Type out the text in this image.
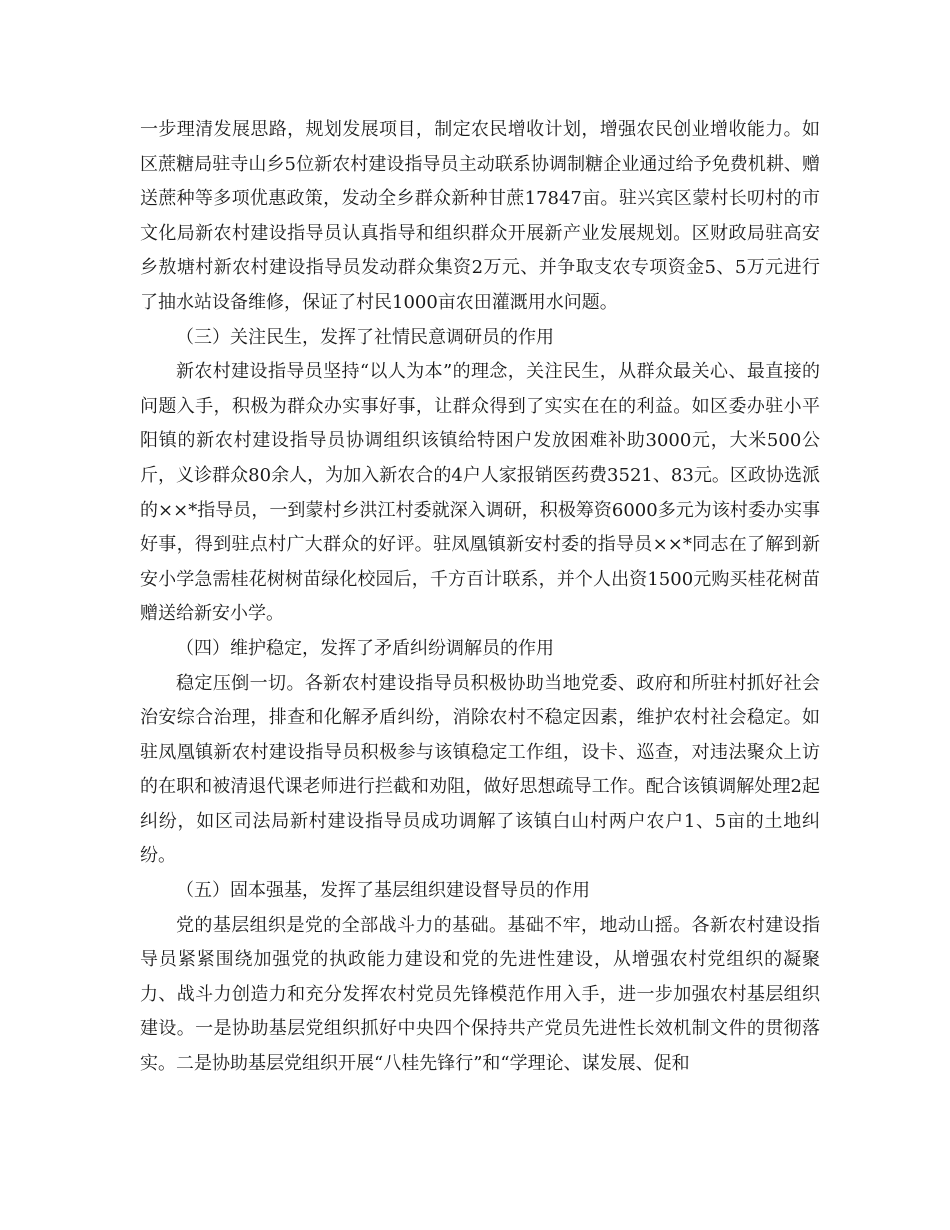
一步理清发展思路，规划发展项目，制定农民增收计划，增强农民创业增收能力。如区蔗糖局驻寺山乡5位新农村建设指导员主动联系协调制糖企业通过给予免费机耕、赠送蔗种等多项优惠政策，发动全乡群众新种甘蔗17847亩。驻兴宾区蒙村长叨村的市文化局新农村建设指导员认真指导和组织群众开展新产业发展规划。区财政局驻高安乡敖塘村新农村建设指导员发动群众集资2万元、并争取支农专项资金5、5万元进行了抽水站设备维修，保证了村民1000亩农田灌溉用水问题。

（三）关注民生，发挥了社情民意调研员的作用

新农村建设指导员坚持“以人为本”的理念，关注民生，从群众最关心、最直接的问题入手，积极为群众办实事好事，让群众得到了实实在在的利益。如区委办驻小平阳镇的新农村建设指导员协调组织该镇给特困户发放困难补助3000元，大米500公斤，义诊群众80余人，为加入新农合的4户人家报销医药费3521、83元。区政协选派的××*指导员，一到蒙村乡洪江村委就深入调研，积极筹资6000多元为该村委办实事好事，得到驻点村广大群众的好评。驻凤凰镇新安村委的指导员××*同志在了解到新安小学急需桂花树树苗绿化校园后，千方百计联系，并个人出资1500元购买桂花树苗赠送给新安小学。

（四）维护稳定，发挥了矛盾纠纷调解员的作用

稳定压倒一切。各新农村建设指导员积极协助当地党委、政府和所驻村抓好社会治安综合治理，排查和化解矛盾纠纷，消除农村不稳定因素，维护农村社会稳定。如驻凤凰镇新农村建设指导员积极参与该镇稳定工作组，设卡、巡查，对违法聚众上访的在职和被清退代课老师进行拦截和劝阻，做好思想疏导工作。配合该镇调解处理2起纠纷，如区司法局新村建设指导员成功调解了该镇白山村两户农户1、5亩的土地纠纷。

（五）固本强基，发挥了基层组织建设督导员的作用

党的基层组织是党的全部战斗力的基础。基础不牢，地动山摇。各新农村建设指导员紧紧围绕加强党的执政能力建设和党的先进性建设，从增强农村党组织的凝聚力、战斗力创造力和充分发挥农村党员先锋模范作用入手，进一步加强农村基层组织建设。一是协助基层党组织抓好中央四个保持共产党员先进性长效机制文件的贯彻落实。二是协助基层党组织开展“八桂先锋行”和“学理论、谋发展、促和
